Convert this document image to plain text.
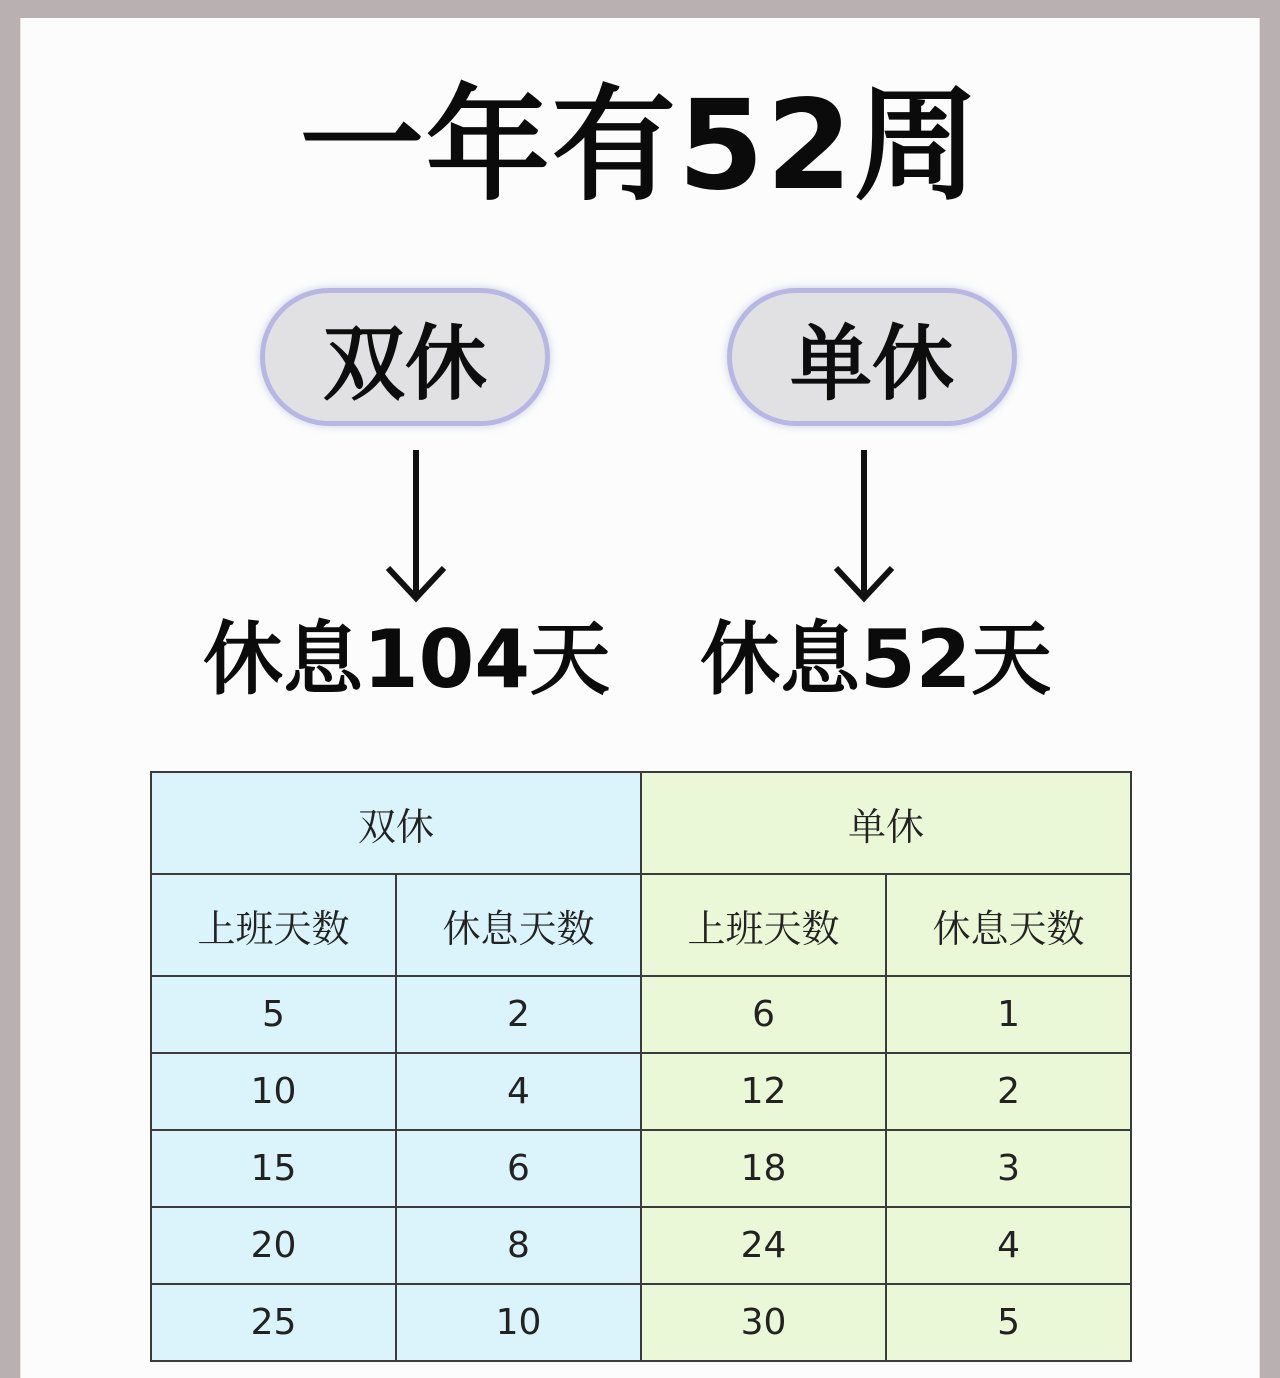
一年有52周
双休	单休
休息104天 休息52天
双休		单休	
上班天数	休息天数	上班天数	休息天数
5	2	6	1
10	4	12	2
15	6	18	3
20	8	24	4
25	10	30	5
